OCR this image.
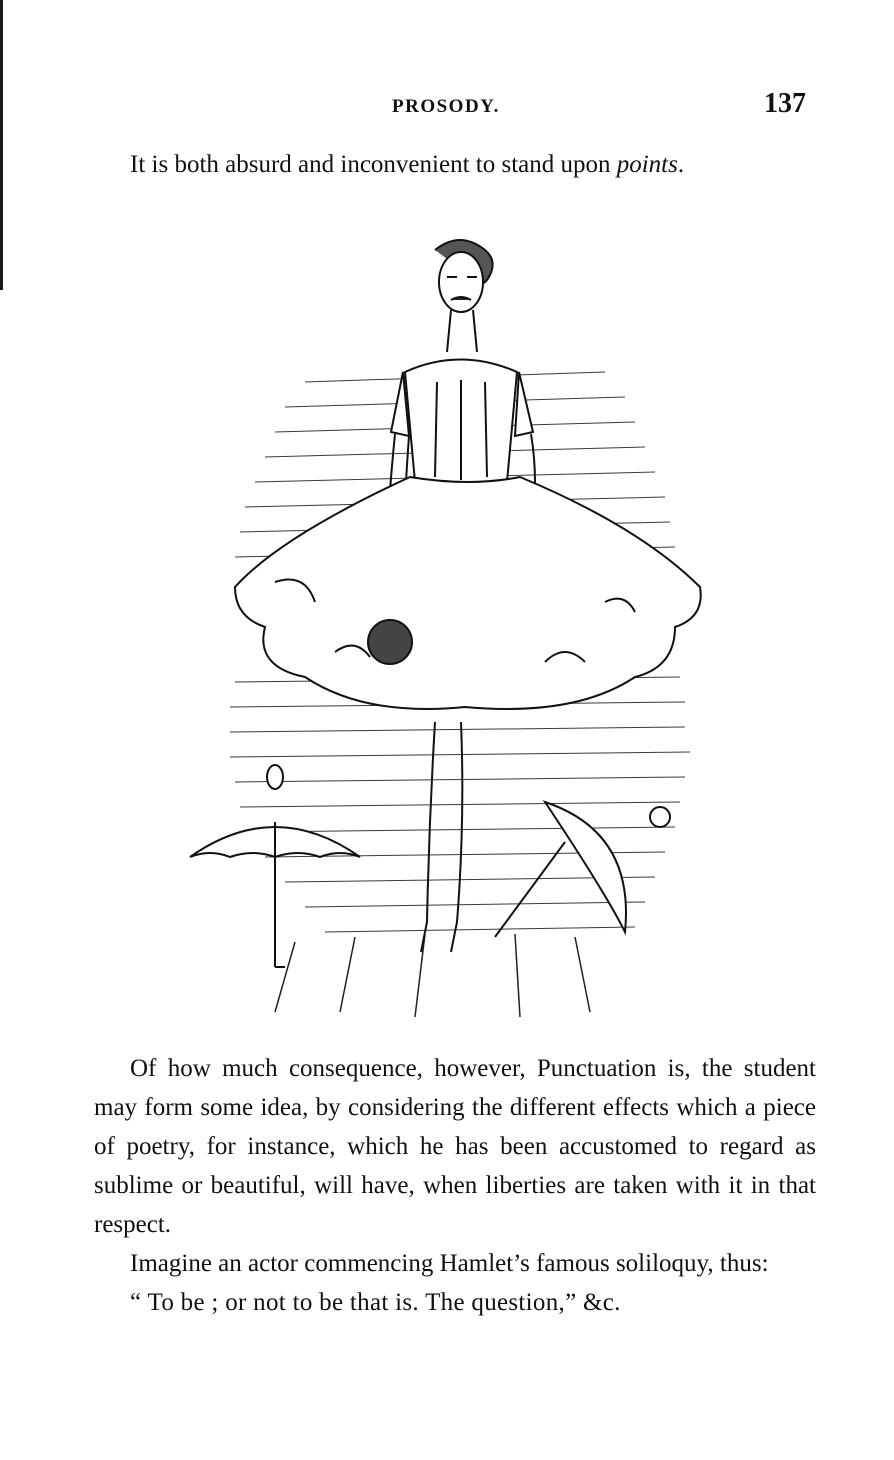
PROSODY.	137

It is both absurd and inconvenient to stand upon points.

Of how much consequence, however, Punctuation is, the student may form some idea, by considering the different effects which a piece of poetry, for instance, which he has been accustomed to regard as sublime or beautiful, will have, when liberties are taken with it in that respect.

Imagine an actor commencing Hamlet’s famous soliloquy, thus:

“ To be ; or not to be that is. The question,” &c.
